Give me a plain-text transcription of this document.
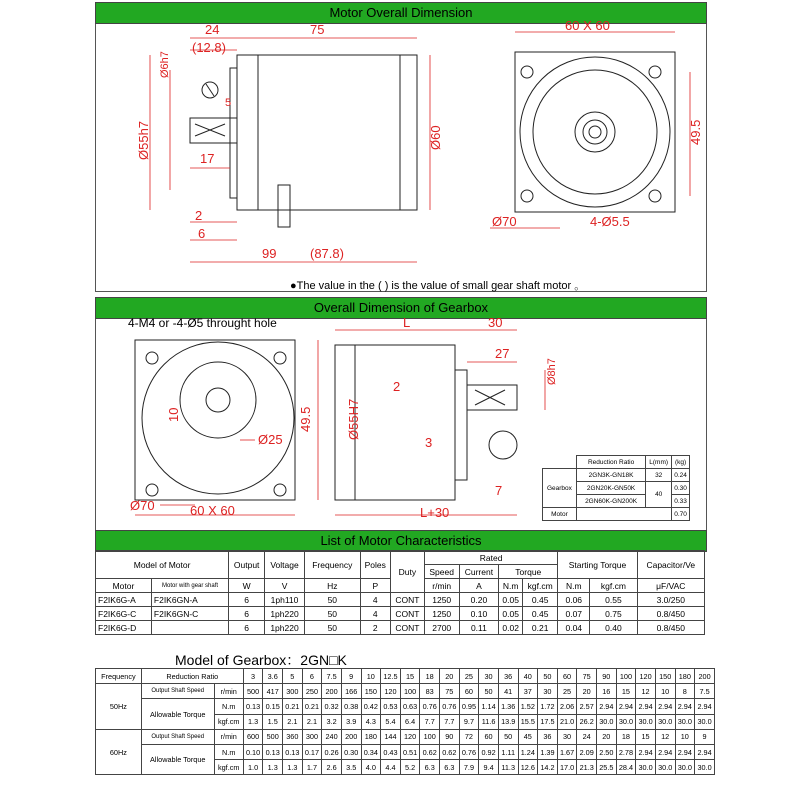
Motor Overall Dimension
Overall Dimension of Gearbox
List of Motor Characteristics
24	75
(12.8)
Ø6h7
5
Ø55h7	17
Ø60
2
6
99	(87.8)
60 X 60
49.5
Ø70	4-Ø5.5
4-M4 or -4-Ø5 throught hole
10
Ø25
49.5
Ø70	60 X 60
L	30
27
Ø8h7
2
Ø55H7
3
7
L+30
●The value in the ( ) is the value of small gear shaft motor 。
	Reduction Ratio	L(mm)	(kg)
Gearbox	2GN3K-GN18K	32	0.24
	2GN20K-GN50K	40	0.30
	2GN60K-GN200K		0.33
Motor			0.70
Model of Motor		Output	Voltage	Frequency	Poles	Duty	Rated				Starting Torque		Capacitor/Ve
							Speed	Current	Torque				
Motor	Motor with gear shaft	W	V	Hz	P		r/min	A	N.m	kgf.cm	N.m	kgf.cm	μF/VAC
F2IK6G-A	F2IK6GN-A	6	1ph110	50	4	CONT	1250	0.20	0.05	0.45	0.06	0.55	3.0/250
F2IK6G-C	F2IK6GN-C	6	1ph220	50	4	CONT	1250	0.10	0.05	0.45	0.07	0.75	0.8/450
F2IK6G-D		6	1ph220	50	2	CONT	2700	0.11	0.02	0.21	0.04	0.40	0.8/450
Model of Gearbox：2GN□K
Frequency	Reduction Ratio		3	3.6	5	6	7.5	9	10	12.5	15	18	20	25	30	36	40	50	60	75	90	100	120	150	180	200
50Hz	Output Shaft Speed	r/min	500	417	300	250	200	166	150	120	100	83	75	60	50	41	37	30	25	20	16	15	12	10	8	7.5
	Allowable Torque	N.m	0.13	0.15	0.21	0.21	0.32	0.38	0.42	0.53	0.63	0.76	0.76	0.95	1.14	1.36	1.52	1.72	2.06	2.57	2.94	2.94	2.94	2.94	2.94	2.94
		kgf.cm	1.3	1.5	2.1	2.1	3.2	3.9	4.3	5.4	6.4	7.7	7.7	9.7	11.6	13.9	15.5	17.5	21.0	26.2	30.0	30.0	30.0	30.0	30.0	30.0
60Hz	Output Shaft Speed	r/min	600	500	360	300	240	200	180	144	120	100	90	72	60	50	45	36	30	24	20	18	15	12	10	9
	Allowable Torque	N.m	0.10	0.13	0.13	0.17	0.26	0.30	0.34	0.43	0.51	0.62	0.62	0.76	0.92	1.11	1.24	1.39	1.67	2.09	2.50	2.78	2.94	2.94	2.94	2.94
		kgf.cm	1.0	1.3	1.3	1.7	2.6	3.5	4.0	4.4	5.2	6.3	6.3	7.9	9.4	11.3	12.6	14.2	17.0	21.3	25.5	28.4	30.0	30.0	30.0	30.0
